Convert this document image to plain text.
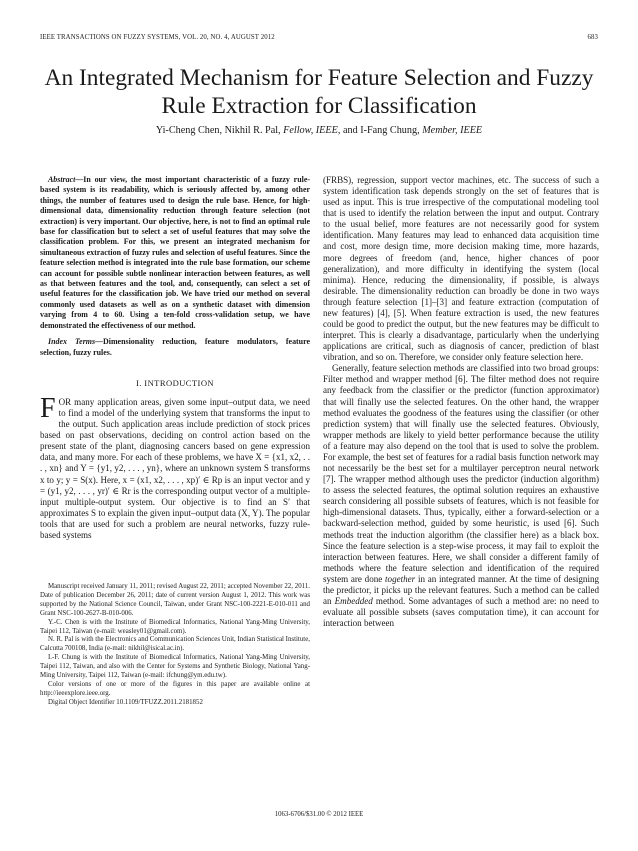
IEEE TRANSACTIONS ON FUZZY SYSTEMS, VOL. 20, NO. 4, AUGUST 2012	683
An Integrated Mechanism for Feature Selection and Fuzzy Rule Extraction for Classification
Yi-Cheng Chen, Nikhil R. Pal, Fellow, IEEE, and I-Fang Chung, Member, IEEE

Abstract—In our view, the most important characteristic of a fuzzy rule-based system is its readability, which is seriously affected by, among other things, the number of features used to design the rule base. Hence, for high-dimensional data, dimensionality reduction through feature selection (not extraction) is very important. Our objective, here, is not to find an optimal rule base for classification but to select a set of useful features that may solve the classification problem. For this, we present an integrated mechanism for simultaneous extraction of fuzzy rules and selection of useful features. Since the feature selection method is integrated into the rule base formation, our scheme can account for possible subtle nonlinear interaction between features, as well as that between features and the tool, and, consequently, can select a set of useful features for the classification job. We have tried our method on several commonly used datasets as well as on a synthetic dataset with dimension varying from 4 to 60. Using a ten-fold cross-validation setup, we have demonstrated the effectiveness of our method.

Index Terms—Dimensionality reduction, feature modulators, feature selection, fuzzy rules.

I. INTRODUCTION

FOR many application areas, given some input–output data, we need to find a model of the underlying system that transforms the input to the output. Such application areas include prediction of stock prices based on past observations, deciding on control action based on the present state of the plant, diagnosing cancers based on gene expression data, and many more. For each of these problems, we have X = {x1, x2, . . . , xn} and Y = {y1, y2, . . . , yn}, where an unknown system S transforms x to y; y = S(x). Here, x = (x1, x2, . . . , xp)′ ∈ Rp is an input vector and y = (y1, y2, . . . , yr)′ ∈ Rr is the corresponding output vector of a multiple-input multiple-output system. Our objective is to find an S′ that approximates S to explain the given input–output data (X, Y). The popular tools that are used for such a problem are neural networks, fuzzy rule-based systems

(FRBS), regression, support vector machines, etc. The success of such a system identification task depends strongly on the set of features that is used as input. This is true irrespective of the computational modeling tool that is used to identify the relation between the input and output. Contrary to the usual belief, more features are not necessarily good for system identification. Many features may lead to enhanced data acquisition time and cost, more design time, more decision making time, more hazards, more degrees of freedom (and, hence, higher chances of poor generalization), and more difficulty in identifying the system (local minima). Hence, reducing the dimensionality, if possible, is always desirable. The dimensionality reduction can broadly be done in two ways through feature selection [1]–[3] and feature extraction (computation of new features) [4], [5]. When feature extraction is used, the new features could be good to predict the output, but the new features may be difficult to interpret. This is clearly a disadvantage, particularly when the underlying applications are critical, such as diagnosis of cancer, prediction of blast vibration, and so on. Therefore, we consider only feature selection here.

Generally, feature selection methods are classified into two broad groups: Filter method and wrapper method [6]. The filter method does not require any feedback from the classifier or the predictor (function approximator) that will finally use the selected features. On the other hand, the wrapper method evaluates the goodness of the features using the classifier (or other prediction system) that will finally use the selected features. Obviously, wrapper methods are likely to yield better performance because the utility of a feature may also depend on the tool that is used to solve the problem. For example, the best set of features for a radial basis function network may not necessarily be the best set for a multilayer perceptron neural network [7]. The wrapper method although uses the predictor (induction algorithm) to assess the selected features, the optimal solution requires an exhaustive search considering all possible subsets of features, which is not feasible for high-dimensional datasets. Thus, typically, either a forward-selection or a backward-selection method, guided by some heuristic, is used [6]. Such methods treat the induction algorithm (the classifier here) as a black box. Since the feature selection is a step-wise process, it may fail to exploit the interaction between features. Here, we shall consider a different family of methods where the feature selection and identification of the required system are done together in an integrated manner. At the time of designing the predictor, it picks up the relevant features. Such a method can be called an Embedded method. Some advantages of such a method are: no need to evaluate all possible subsets (saves computation time), it can account for interaction between

Manuscript received January 11, 2011; revised August 22, 2011; accepted November 22, 2011. Date of publication December 26, 2011; date of current version August 1, 2012. This work was supported by the National Science Council, Taiwan, under Grant NSC-100-2221-E-010-011 and Grant NSC-100-2627-B-010-006.

Y.-C. Chen is with the Institute of Biomedical Informatics, National Yang-Ming University, Taipei 112, Taiwan (e-mail: weasley01@gmail.com).

N. R. Pal is with the Electronics and Communication Sciences Unit, Indian Statistical Institute, Calcutta 700108, India (e-mail: nikhil@isical.ac.in).

I.-F. Chung is with the Institute of Biomedical Informatics, National Yang-Ming University, Taipei 112, Taiwan, and also with the Center for Systems and Synthetic Biology, National Yang-Ming University, Taipei 112, Taiwan (e-mail: ifchung@ym.edu.tw).

Color versions of one or more of the figures in this paper are available online at http://ieeexplore.ieee.org.

Digital Object Identifier 10.1109/TFUZZ.2011.2181852

1063-6706/$31.00 © 2012 IEEE
